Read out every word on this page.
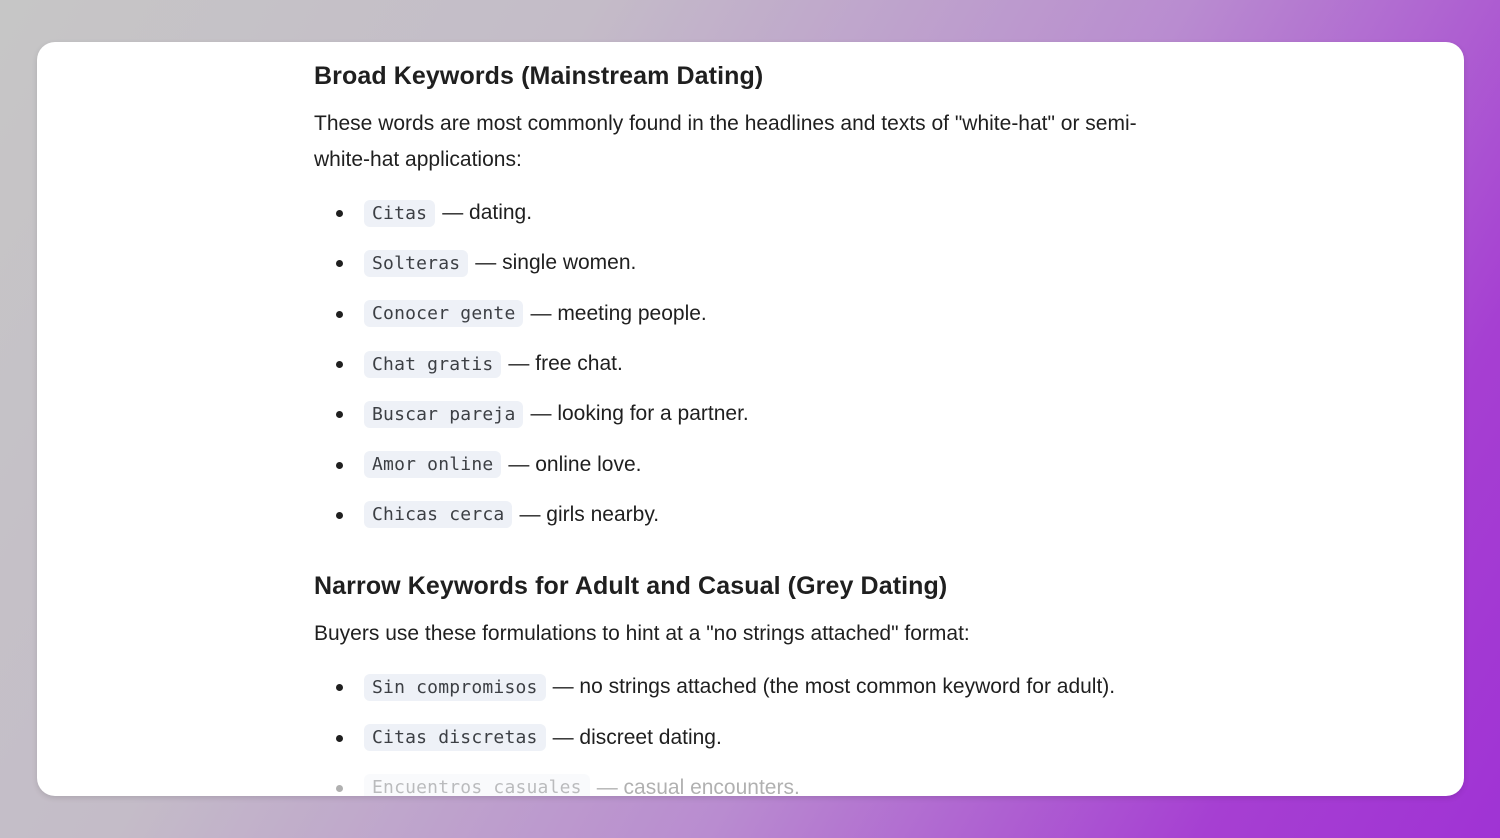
Broad Keywords (Mainstream Dating)

These words are most commonly found in the headlines and texts of "white-hat" or semi-
white-hat applications:

Citas — dating.
Solteras — single women.
Conocer gente — meeting people.
Chat gratis — free chat.
Buscar pareja — looking for a partner.
Amor online — online love.
Chicas cerca — girls nearby.
Narrow Keywords for Adult and Casual (Grey Dating)

Buyers use these formulations to hint at a "no strings attached" format:

Sin compromisos — no strings attached (the most common keyword for adult).
Citas discretas — discreet dating.
Encuentros casuales — casual encounters.
